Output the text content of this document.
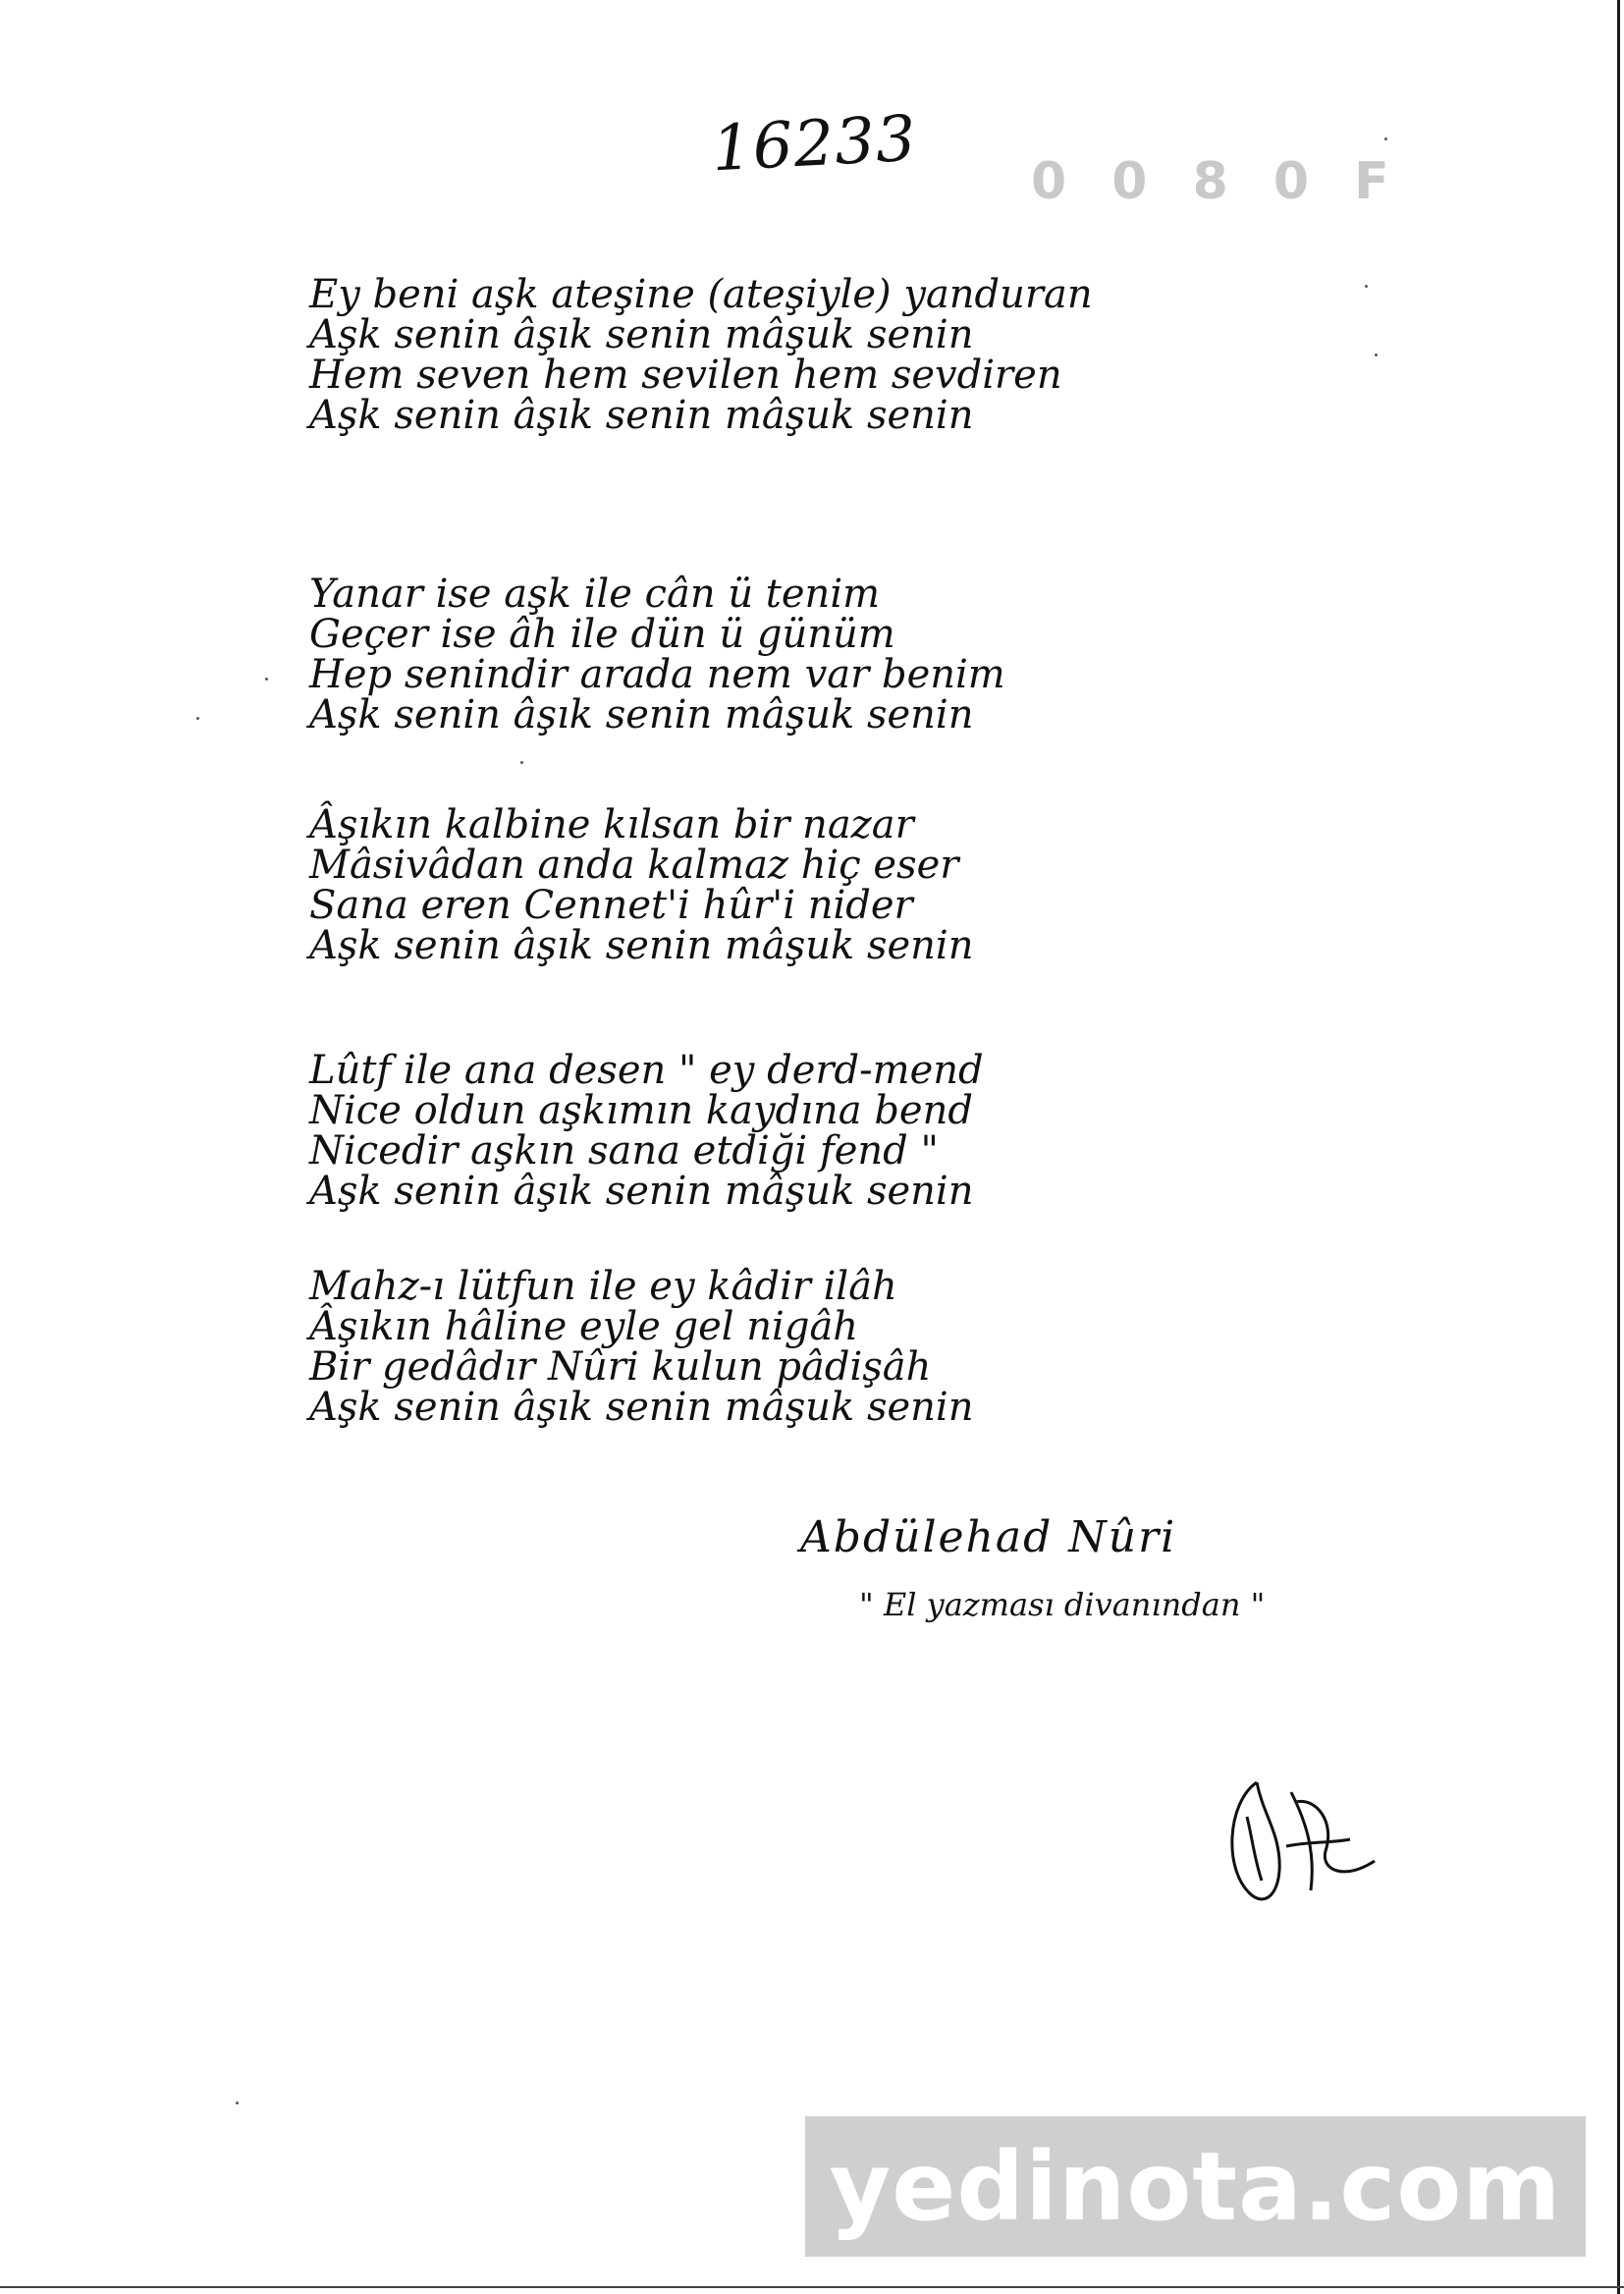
16233 0 0 8 0 F
Ey beni aşk ateşine (ateşiyle) yanduran
Aşk senin âşık senin mâşuk senin
Hem seven hem sevilen hem sevdiren
Aşk senin âşık senin mâşuk senin
Yanar ise aşk ile cân ü tenim
Geçer ise âh ile dün ü günüm
Hep senindir arada nem var benim
Aşk senin âşık senin mâşuk senin
Âşıkın kalbine kılsan bir nazar
Mâsivâdan anda kalmaz hiç eser
Sana eren Cennet'i hûr'i nider
Aşk senin âşık senin mâşuk senin
Lûtf ile ana desen " ey derd-mend
Nice oldun aşkımın kaydına bend
Nicedir aşkın sana etdiği fend "
Aşk senin âşık senin mâşuk senin
Mahz-ı lütfun ile ey kâdir ilâh
Âşıkın hâline eyle gel nigâh
Bir gedâdır Nûri kulun pâdişâh
Aşk senin âşık senin mâşuk senin
Abdülehad Nûri
" El yazması divanından "
yedinota.com
